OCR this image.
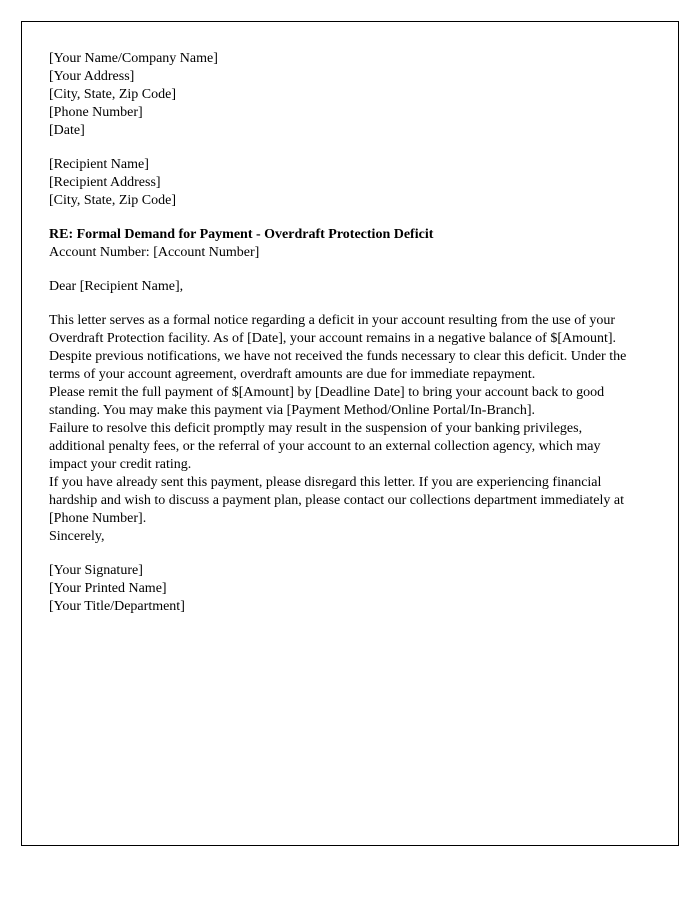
[Your Name/Company Name]
[Your Address]
[City, State, Zip Code]
[Phone Number]
[Date]
[Recipient Name]
[Recipient Address]
[City, State, Zip Code]
RE: Formal Demand for Payment - Overdraft Protection Deficit
Account Number: [Account Number]
Dear [Recipient Name],

This letter serves as a formal notice regarding a deficit in your account resulting from the use of your Overdraft Protection facility. As of [Date], your account remains in a negative balance of $[Amount].

Despite previous notifications, we have not received the funds necessary to clear this deficit. Under the terms of your account agreement, overdraft amounts are due for immediate repayment.

Please remit the full payment of $[Amount] by [Deadline Date] to bring your account back to good standing. You may make this payment via [Payment Method/Online Portal/In-Branch].

Failure to resolve this deficit promptly may result in the suspension of your banking privileges, additional penalty fees, or the referral of your account to an external collection agency, which may impact your credit rating.

If you have already sent this payment, please disregard this letter. If you are experiencing financial hardship and wish to discuss a payment plan, please contact our collections department immediately at [Phone Number].

Sincerely,
[Your Signature]
[Your Printed Name]
[Your Title/Department]
